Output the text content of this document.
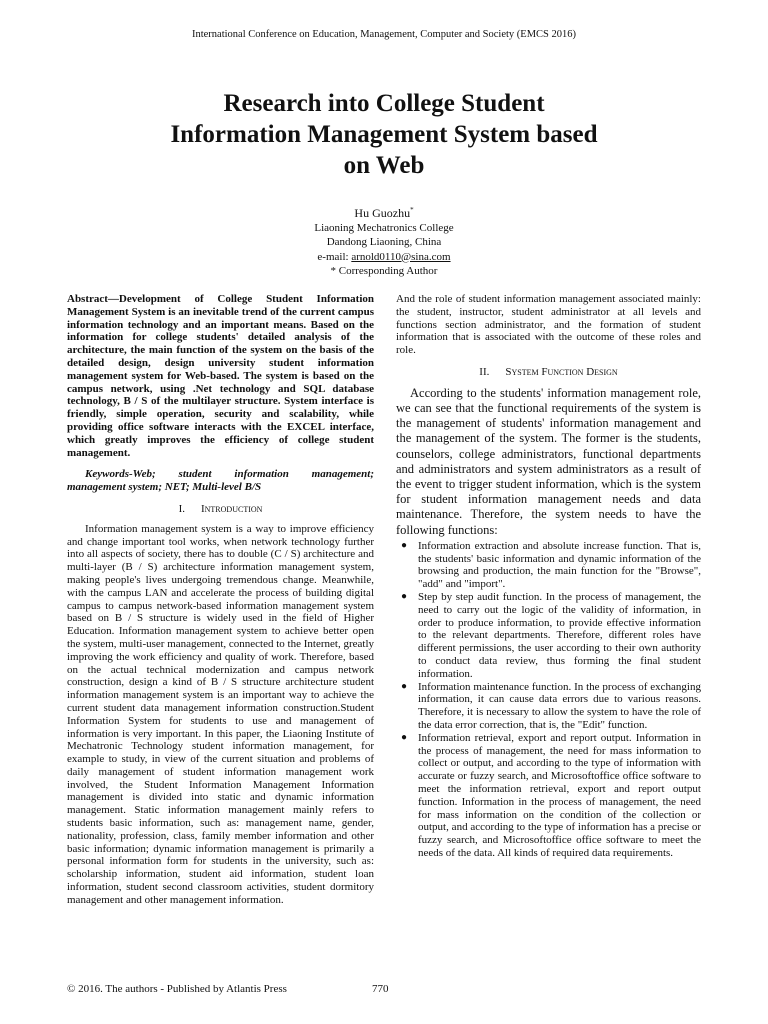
International Conference on Education, Management, Computer and Society (EMCS 2016)
Research into College Student
Information Management System based
on Web
Hu Guozhu*
Liaoning Mechatronics College
Dandong Liaoning, China
e-mail: arnold0110@sina.com
* Corresponding Author

Abstract—Development of College Student Information Management System is an inevitable trend of the current campus information technology and an important means. Based on the information for college students' detailed analysis of the architecture, the main function of the system on the basis of the detailed design, design university student information management system for Web-based. The system is based on the campus network, using .Net technology and SQL database technology, B / S of the multilayer structure. System interface is friendly, simple operation, security and scalability, while providing office software interacts with the EXCEL interface, which greatly improves the efficiency of college student management.

Keywords-Web; student information management; management system; NET; Multi-level B/S

I. Introduction

Information management system is a way to improve efficiency and change important tool works, when network technology further into all aspects of society, there has to double (C / S) architecture and multi-layer (B / S) architecture information management system, making people's lives undergoing tremendous change. Meanwhile, with the campus LAN and accelerate the process of building digital campus to campus network-based information management system based on B / S structure is widely used in the field of Higher Education. Information management system to achieve better open the system, multi-user management, connected to the Internet, greatly improving the work efficiency and quality of work. Therefore, based on the actual technical modernization and campus network construction, design a kind of B / S structure architecture student information management system is an important way to achieve the current student data management information construction.Student Information System for students to use and management of information is very important. In this paper, the Liaoning Institute of Mechatronic Technology student information management, for example to study, in view of the current situation and problems of daily management of student information management work involved, the Student Information Management Information management is divided into static and dynamic information management. Static information management mainly refers to students basic information, such as: management name, gender, nationality, profession, class, family member information and other basic information; dynamic information management is primarily a personal information form for students in the university, such as: scholarship information, student aid information, student loan information, student second classroom activities, student dormitory management and other management information.

And the role of student information management associated mainly: the student, instructor, student administrator at all levels and functions section administrator, and the formation of student information that is associated with the outcome of these roles and role.

II. System Function Design

According to the students' information management role, we can see that the functional requirements of the system is the management of students' information management and the management of the system. The former is the students, counselors, college administrators, functional departments and administrators and system administrators as a result of the event to trigger student information, which is the system for student information management needs and data maintenance. Therefore, the system needs to have the following functions:

● Information extraction and absolute increase function. That is, the students' basic information and dynamic information of the browsing and production, the main function for the "Browse", "add" and "import".
● Step by step audit function. In the process of management, the need to carry out the logic of the validity of information, in order to produce information, to provide effective information to the relevant departments. Therefore, different roles have different permissions, the user according to their own authority to conduct data review, thus forming the final student information.
● Information maintenance function. In the process of exchanging information, it can cause data errors due to various reasons. Therefore, it is necessary to allow the system to have the role of the data error correction, that is, the "Edit" function.
● Information retrieval, export and report output. Information in the process of management, the need for mass information to collect or output, and according to the type of information with accurate or fuzzy search, and Microsoftoffice office software to meet the information retrieval, export and report output function. Information in the process of management, the need for mass information on the condition of the collection or output, and according to the type of information has a precise or fuzzy search, and Microsoftoffice office software to meet the needs of the data. All kinds of required data requirements.
© 2016. The authors - Published by Atlantis Press	770
